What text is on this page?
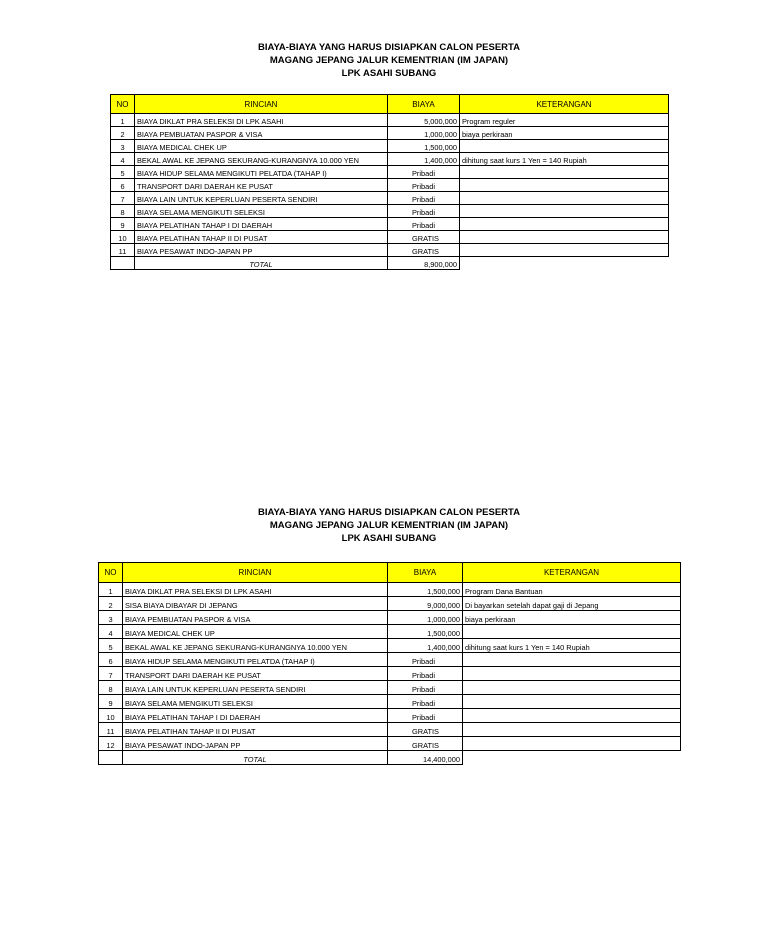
BIAYA-BIAYA YANG HARUS DISIAPKAN CALON PESERTA
MAGANG JEPANG JALUR KEMENTRIAN (IM JAPAN)
LPK ASAHI SUBANG
NO	RINCIAN	BIAYA	KETERANGAN
1	BIAYA DIKLAT PRA SELEKSI DI LPK ASAHI	5,000,000	Program reguler
2	BIAYA PEMBUATAN PASPOR & VISA	1,000,000	biaya perkiraan
3	BIAYA MEDICAL CHEK UP	1,500,000	
4	BEKAL AWAL KE JEPANG SEKURANG-KURANGNYA 10.000 YEN	1,400,000	dihitung saat kurs 1 Yen = 140 Rupiah
5	BIAYA HIDUP SELAMA MENGIKUTI PELATDA (TAHAP I)	Pribadi	
6	TRANSPORT DARI DAERAH KE PUSAT	Pribadi	
7	BIAYA LAIN UNTUK KEPERLUAN PESERTA SENDIRI	Pribadi	
8	BIAYA SELAMA MENGIKUTI SELEKSI	Pribadi	
9	BIAYA PELATIHAN TAHAP I DI DAERAH	Pribadi	
10	BIAYA PELATIHAN TAHAP II DI PUSAT	GRATIS	
11	BIAYA PESAWAT INDO-JAPAN PP	GRATIS	
	TOTAL	8,900,000	
BIAYA-BIAYA YANG HARUS DISIAPKAN CALON PESERTA
MAGANG JEPANG JALUR KEMENTRIAN (IM JAPAN)
LPK ASAHI SUBANG
NO	RINCIAN	BIAYA	KETERANGAN
1	BIAYA DIKLAT PRA SELEKSI DI LPK ASAHI	1,500,000	Program Dana Bantuan
2	SISA BIAYA DIBAYAR DI JEPANG	9,000,000	Di bayarkan setelah dapat gaji di Jepang
3	BIAYA PEMBUATAN PASPOR & VISA	1,000,000	biaya perkiraan
4	BIAYA MEDICAL CHEK UP	1,500,000	
5	BEKAL AWAL KE JEPANG SEKURANG-KURANGNYA 10.000 YEN	1,400,000	dihitung saat kurs 1 Yen = 140 Rupiah
6	BIAYA HIDUP SELAMA MENGIKUTI PELATDA (TAHAP I)	Pribadi	
7	TRANSPORT DARI DAERAH KE PUSAT	Pribadi	
8	BIAYA LAIN UNTUK KEPERLUAN PESERTA SENDIRI	Pribadi	
9	BIAYA SELAMA MENGIKUTI SELEKSI	Pribadi	
10	BIAYA PELATIHAN TAHAP I DI DAERAH	Pribadi	
11	BIAYA PELATIHAN TAHAP II DI PUSAT	GRATIS	
12	BIAYA PESAWAT INDO-JAPAN PP	GRATIS	
	TOTAL	14,400,000	
